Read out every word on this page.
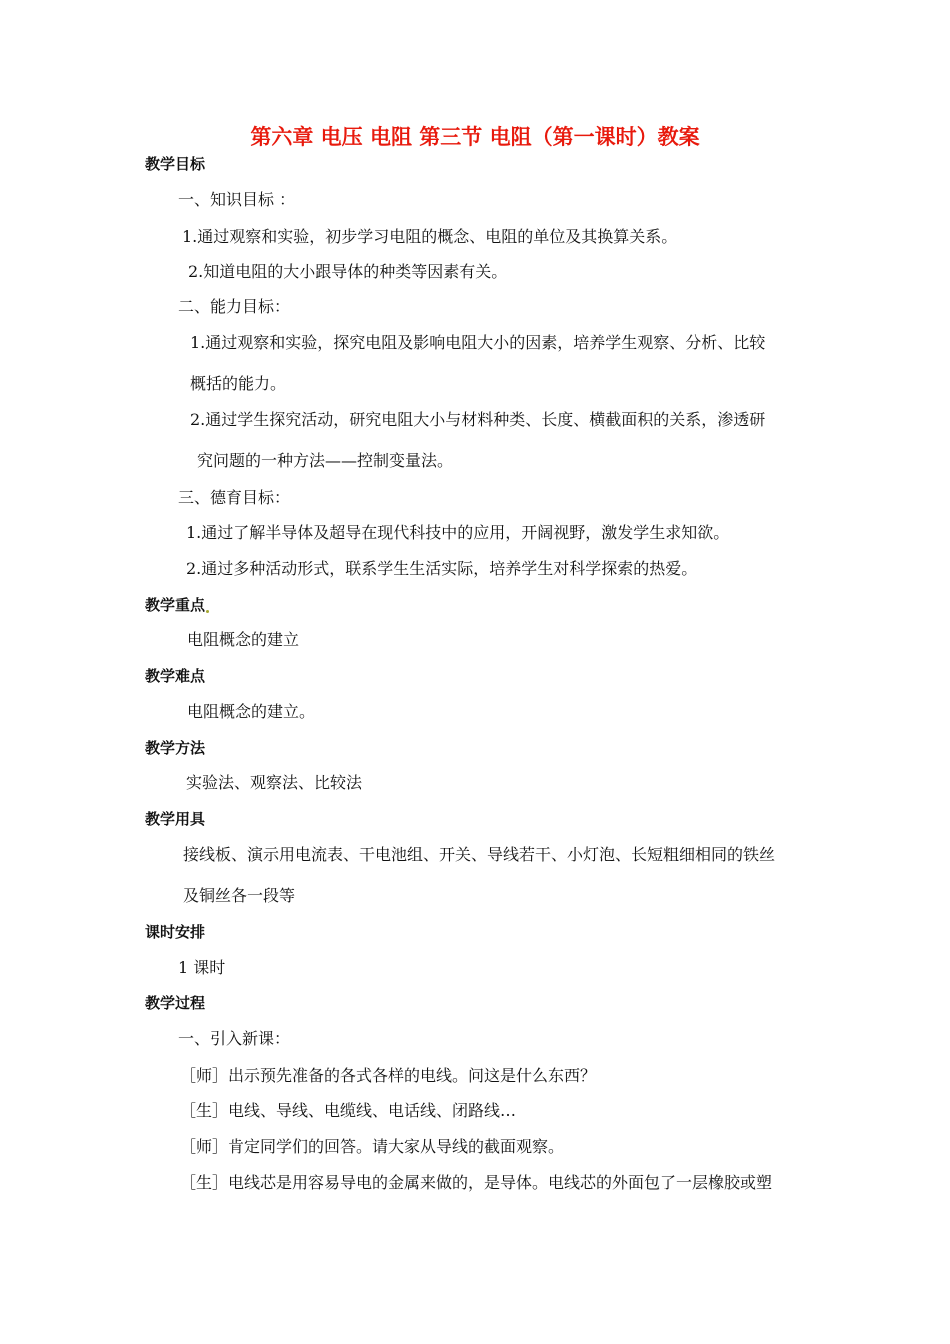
第六章 电压 电阻 第三节 电阻（第一课时）教案
教学目标
一、知识目标 ：
1.通过观察和实验，初步学习电阻的概念、电阻的单位及其换算关系。
2.知道电阻的大小跟导体的种类等因素有关。
二、能力目标：
1.通过观察和实验，探究电阻及影响电阻大小的因素，培养学生观察、分析、比较
概括的能力。
2.通过学生探究活动，研究电阻大小与材料种类、长度、横截面积的关系，渗透研
究问题的一种方法——控制变量法。
三、德育目标：
1.通过了解半导体及超导在现代科技中的应用，开阔视野，激发学生求知欲。
2.通过多种活动形式，联系学生生活实际，培养学生对科学探索的热爱。
教学重点
电阻概念的建立
教学难点
电阻概念的建立。
教学方法
实验法、观察法、比较法
教学用具
接线板、演示用电流表、干电池组、开关、导线若干、小灯泡、长短粗细相同的铁丝
及铜丝各一段等
课时安排
1 课时
教学过程
一、引入新课：
［师］出示预先准备的各式各样的电线。问这是什么东西？
［生］电线、导线、电缆线、电话线、闭路线…
［师］肯定同学们的回答。请大家从导线的截面观察。
［生］电线芯是用容易导电的金属来做的，是导体。电线芯的外面包了一层橡胶或塑
